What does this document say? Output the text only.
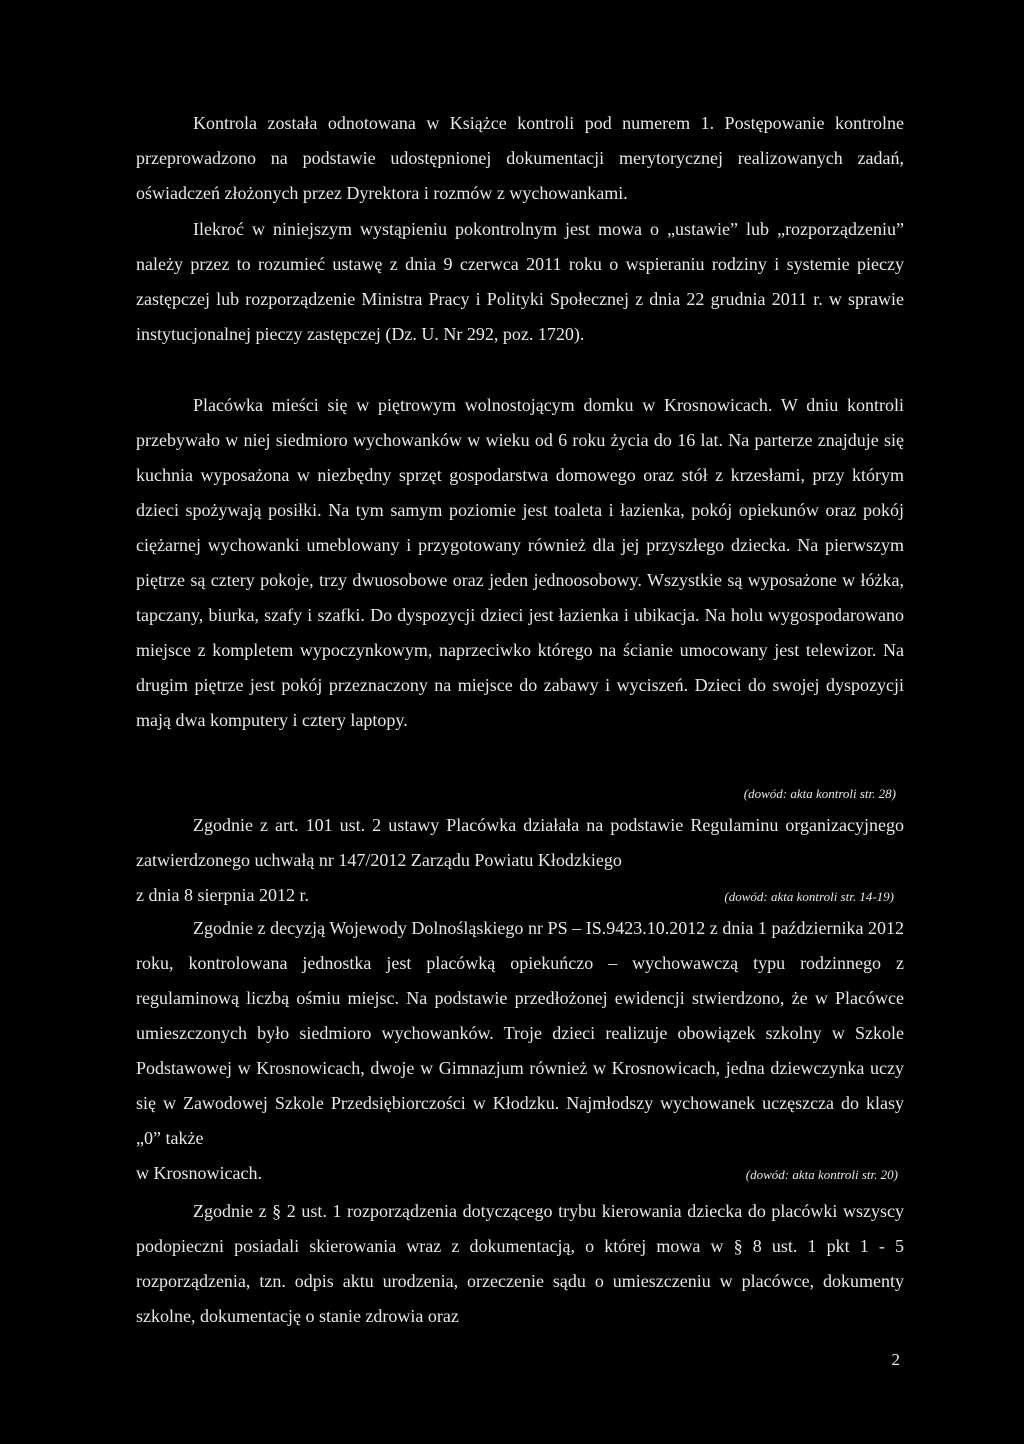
Kontrola została odnotowana w Książce kontroli pod numerem 1. Postępowanie kontrolne przeprowadzono na podstawie udostępnionej dokumentacji merytorycznej realizowanych zadań, oświadczeń złożonych przez Dyrektora i rozmów z wychowankami.

Ilekroć w niniejszym wystąpieniu pokontrolnym jest mowa o „ustawie” lub „rozporządzeniu” należy przez to rozumieć ustawę z dnia 9 czerwca 2011 roku o wspieraniu rodziny i systemie pieczy zastępczej lub rozporządzenie Ministra Pracy i Polityki Społecznej z dnia 22 grudnia 2011 r. w sprawie instytucjonalnej pieczy zastępczej (Dz. U. Nr 292, poz. 1720).

Placówka mieści się w piętrowym wolnostojącym domku w Krosnowicach. W dniu kontroli przebywało w niej siedmioro wychowanków w wieku od 6 roku życia do 16 lat. Na parterze znajduje się kuchnia wyposażona w niezbędny sprzęt gospodarstwa domowego oraz stół z krzesłami, przy którym dzieci spożywają posiłki. Na tym samym poziomie jest toaleta i łazienka, pokój opiekunów oraz pokój ciężarnej wychowanki umeblowany i przygotowany również dla jej przyszłego dziecka. Na pierwszym piętrze są cztery pokoje, trzy dwuosobowe oraz jeden jednoosobowy. Wszystkie są wyposażone w łóżka, tapczany, biurka, szafy i szafki. Do dyspozycji dzieci jest łazienka i ubikacja. Na holu wygospodarowano miejsce z kompletem wypoczynkowym, naprzeciwko którego na ścianie umocowany jest telewizor. Na drugim piętrze jest pokój przeznaczony na miejsce do zabawy i wyciszeń. Dzieci do swojej dyspozycji mają dwa komputery i cztery laptopy.

(dowód: akta kontroli str. 28)
Zgodnie z art. 101 ust. 2 ustawy Placówka działała na podstawie Regulaminu organizacyjnego zatwierdzonego uchwałą nr 147/2012 Zarządu Powiatu Kłodzkiego
z dnia 8 sierpnia 2012 r.	(dowód: akta kontroli str. 14-19)
Zgodnie z decyzją Wojewody Dolnośląskiego nr PS – IS.9423.10.2012 z dnia 1 października 2012 roku, kontrolowana jednostka jest placówką opiekuńczo – wychowawczą typu rodzinnego z regulaminową liczbą ośmiu miejsc. Na podstawie przedłożonej ewidencji stwierdzono, że w Placówce umieszczonych było siedmioro wychowanków. Troje dzieci realizuje obowiązek szkolny w Szkole Podstawowej w Krosnowicach, dwoje w Gimnazjum również w Krosnowicach, jedna dziewczynka uczy się w Zawodowej Szkole Przedsiębiorczości w Kłodzku. Najmłodszy wychowanek uczęszcza do klasy „0” także
w Krosnowicach.	(dowód: akta kontroli str. 20)

Zgodnie z § 2 ust. 1 rozporządzenia dotyczącego trybu kierowania dziecka do placówki wszyscy podopieczni posiadali skierowania wraz z dokumentacją, o której mowa w § 8 ust. 1 pkt 1 - 5 rozporządzenia, tzn. odpis aktu urodzenia, orzeczenie sądu o umieszczeniu w placówce, dokumenty szkolne, dokumentację o stanie zdrowia oraz

2
